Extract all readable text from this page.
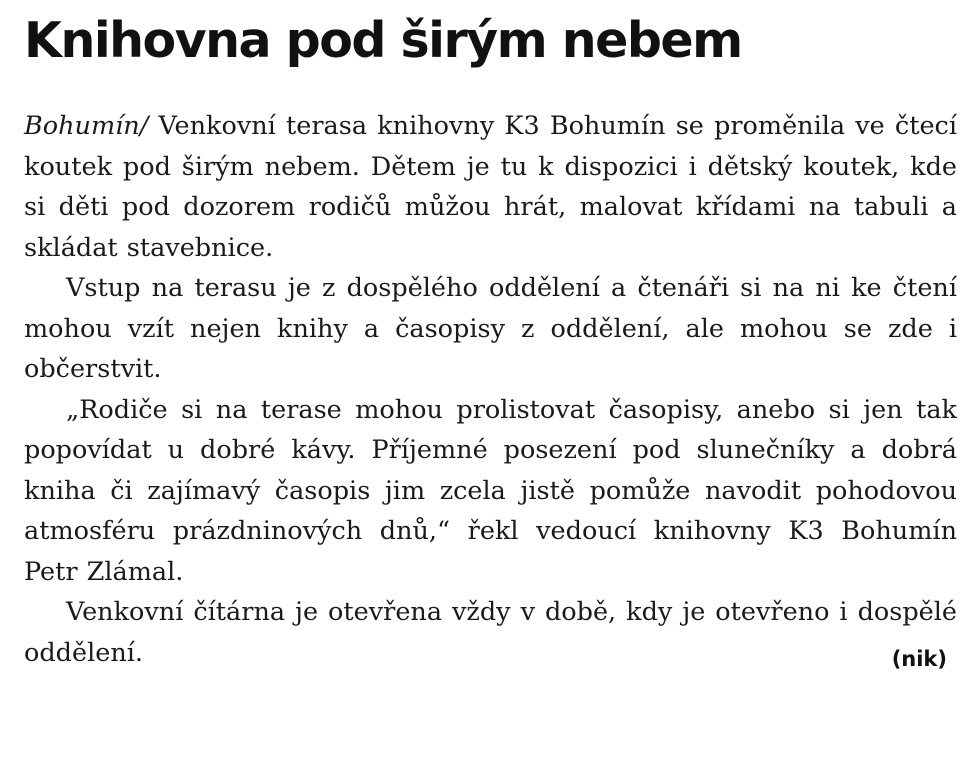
Knihovna pod širým nebem

Bohumín/ Venkovní terasa knihovny K3 Bohumín se proměnila ve čtecí koutek pod širým nebem. Dětem je tu k dispozici i dětský koutek, kde si děti pod dozorem rodičů můžou hrát, malovat křídami na tabuli a skládat stavebnice.

Vstup na terasu je z dospělého oddělení a čtenáři si na ni ke čtení mohou vzít nejen knihy a časopisy z oddělení, ale mohou se zde i občerstvit.

„Rodiče si na terase mohou prolistovat časopisy, anebo si jen tak popovídat u dobré kávy. Příjemné posezení pod slunečníky a dobrá kniha či zajímavý časopis jim zcela jistě pomůže navodit pohodovou atmosféru prázdninových dnů,“ řekl vedoucí knihovny K3 Bohumín Petr Zlámal.

Venkovní čítárna je otevřena vždy v době, kdy je otevřeno i dospělé oddělení.	(nik)
